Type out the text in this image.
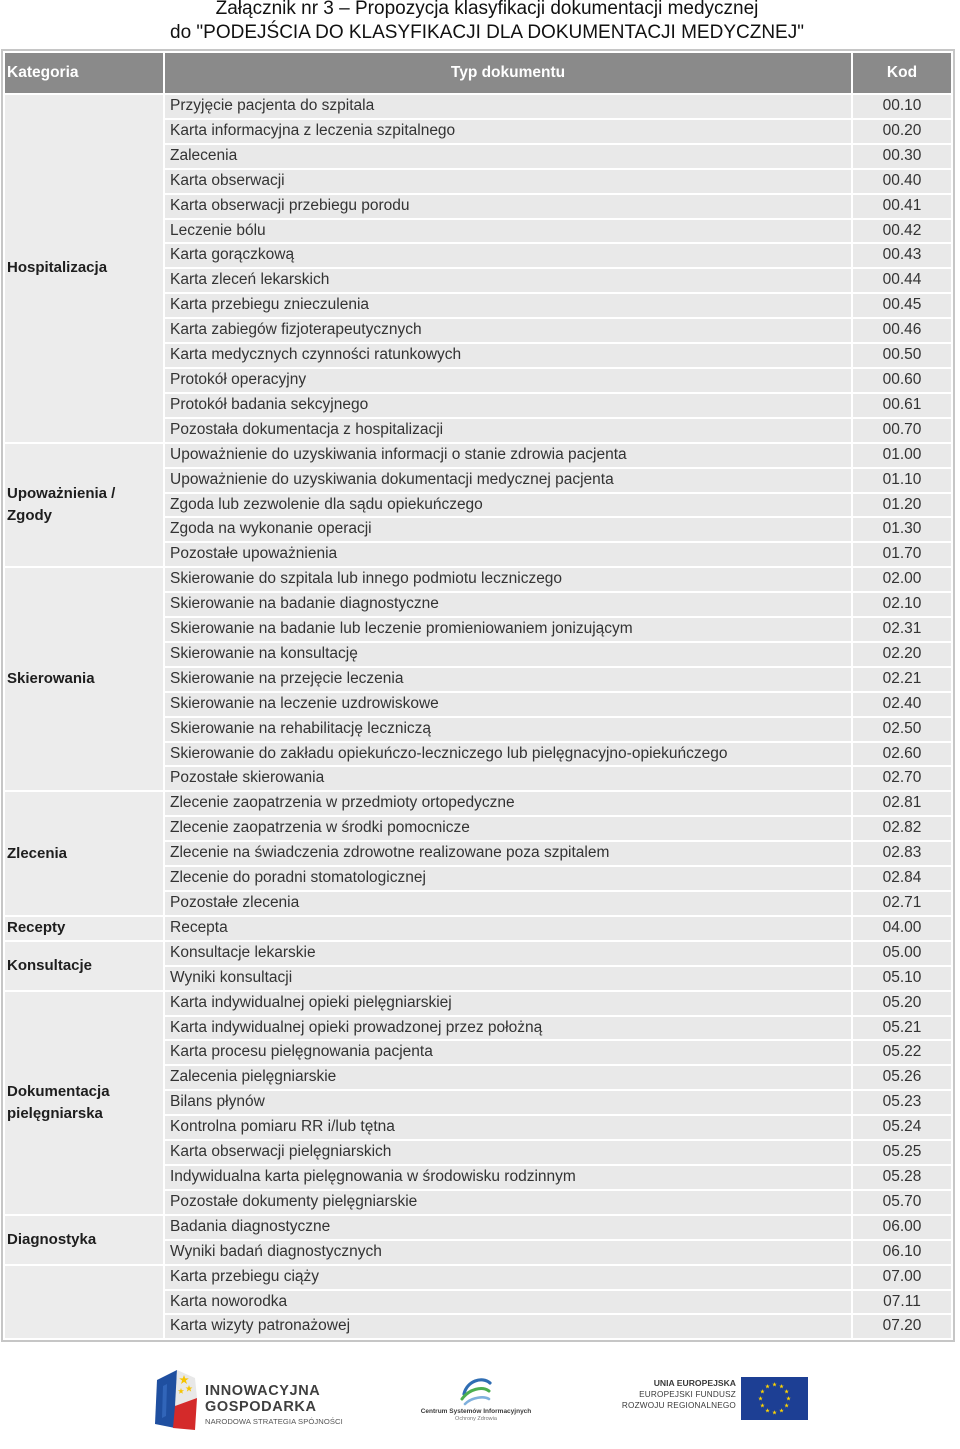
Załącznik nr 3 – Propozycja klasyfikacji dokumentacji medycznej
do "PODEJŚCIA DO KLASYFIKACJI DLA DOKUMENTACJI MEDYCZNEJ"
Kategoria	Typ dokumentu	Kod
Hospitalizacja	Przyjęcie pacjenta do szpitala	00.10
	Karta informacyjna z leczenia szpitalnego	00.20
	Zalecenia	00.30
	Karta obserwacji	00.40
	Karta obserwacji przebiegu porodu	00.41
	Leczenie bólu	00.42
	Karta gorączkową	00.43
	Karta zleceń lekarskich	00.44
	Karta przebiegu znieczulenia	00.45
	Karta zabiegów fizjoterapeutycznych	00.46
	Karta medycznych czynności ratunkowych	00.50
	Protokół operacyjny	00.60
	Protokół badania sekcyjnego	00.61
	Pozostała dokumentacja z hospitalizacji	00.70
Upoważnienia / Zgody	Upoważnienie do uzyskiwania informacji o stanie zdrowia pacjenta	01.00
	Upoważnienie do uzyskiwania dokumentacji medycznej pacjenta	01.10
	Zgoda lub zezwolenie dla sądu opiekuńczego	01.20
	Zgoda na wykonanie operacji	01.30
	Pozostałe upoważnienia	01.70
Skierowania	Skierowanie do szpitala lub innego podmiotu leczniczego	02.00
	Skierowanie na badanie diagnostyczne	02.10
	Skierowanie na badanie lub leczenie promieniowaniem jonizującym	02.31
	Skierowanie na konsultację	02.20
	Skierowanie na przejęcie leczenia	02.21
	Skierowanie na leczenie uzdrowiskowe	02.40
	Skierowanie na rehabilitację leczniczą	02.50
	Skierowanie do zakładu opiekuńczo-leczniczego lub pielęgnacyjno-opiekuńczego	02.60
	Pozostałe skierowania	02.70
Zlecenia	Zlecenie zaopatrzenia w przedmioty ortopedyczne	02.81
	Zlecenie zaopatrzenia w środki pomocnicze	02.82
	Zlecenie na świadczenia zdrowotne realizowane poza szpitalem	02.83
	Zlecenie do poradni stomatologicznej	02.84
	Pozostałe zlecenia	02.71
Recepty	Recepta	04.00
Konsultacje	Konsultacje lekarskie	05.00
	Wyniki konsultacji	05.10
Dokumentacja pielęgniarska	Karta indywidualnej opieki pielęgniarskiej	05.20
	Karta indywidualnej opieki prowadzonej przez położną	05.21
	Karta procesu pielęgnowania pacjenta	05.22
	Zalecenia pielęgniarskie	05.26
	Bilans płynów	05.23
	Kontrolna pomiaru RR i/lub tętna	05.24
	Karta obserwacji pielęgniarskich	05.25
	Indywidualna karta pielęgnowania w środowisku rodzinnym	05.28
	Pozostałe dokumenty pielęgniarskie	05.70
Diagnostyka	Badania diagnostyczne	06.00
	Wyniki badań diagnostycznych	06.10
	Karta przebiegu ciąży	07.00
	Karta noworodka	07.11
	Karta wizyty patronażowej	07.20
INNOWACYJNA
GOSPODARKA
NARODOWA STRATEGIA SPÓJNOŚCI
Centrum Systemów Informacyjnych
Ochrony Zdrowia
UNIA EUROPEJSKA
EUROPEJSKI FUNDUSZ
ROZWOJU REGIONALNEGO
